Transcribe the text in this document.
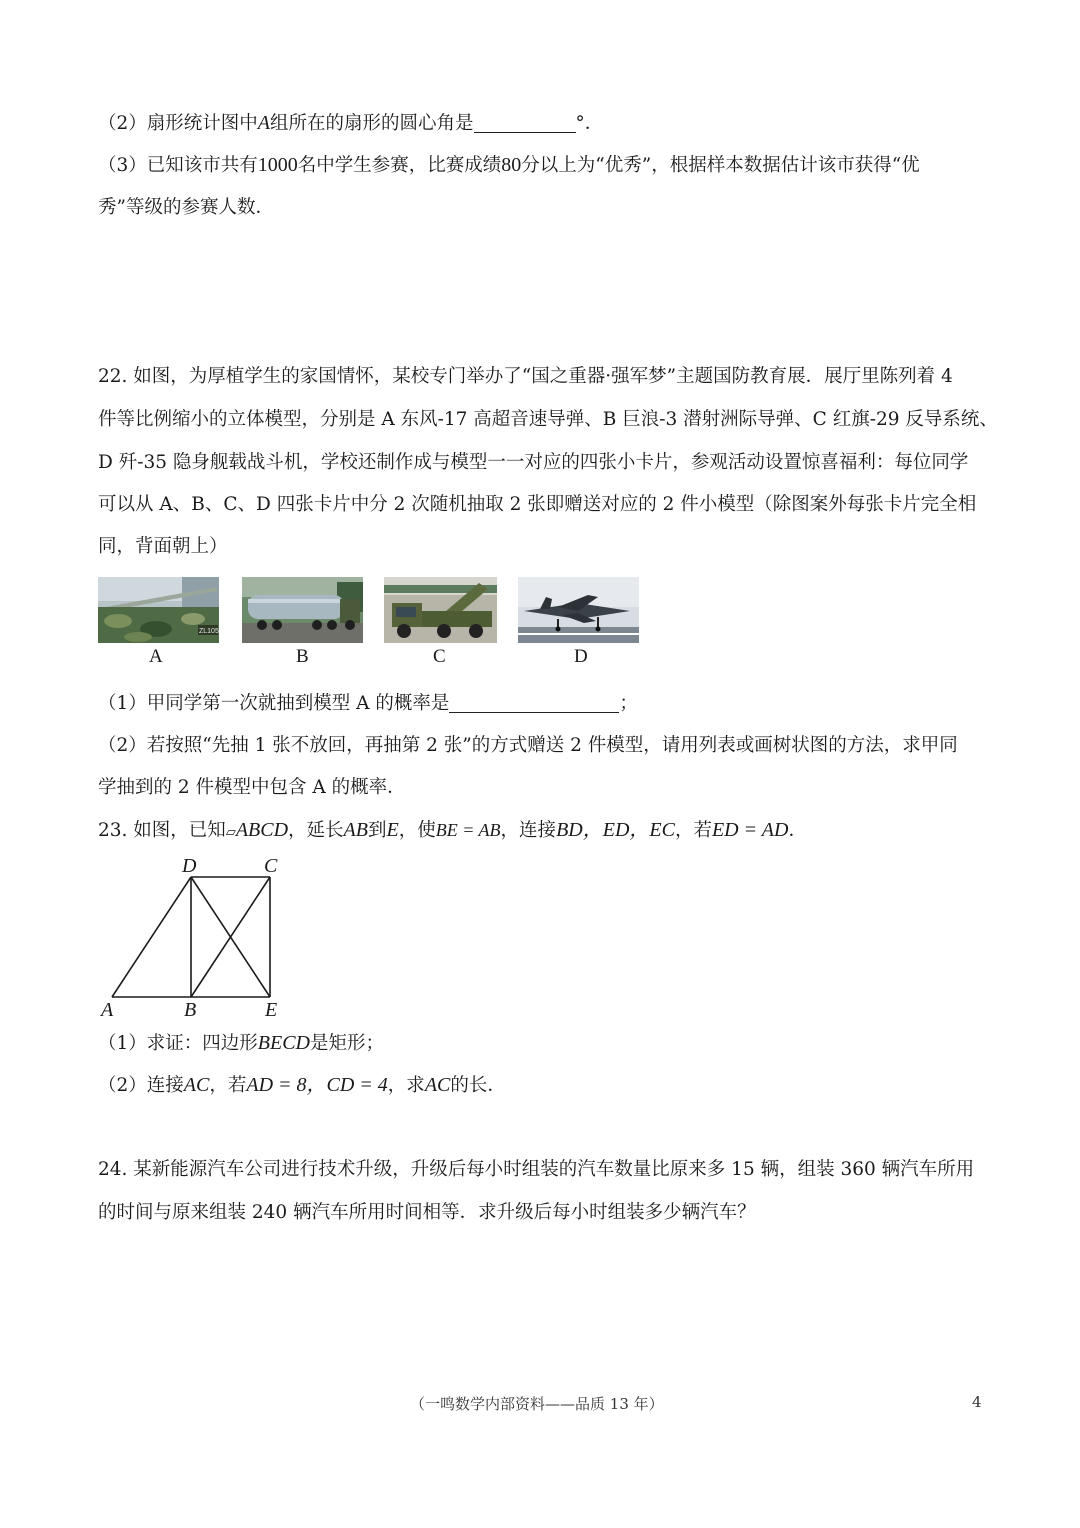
（2）扇形统计图中A组所在的扇形的圆心角是	°．
（3）已知该市共有1000名中学生参赛，比赛成绩80分以上为“优秀”，根据样本数据估计该市获得“优
秀”等级的参赛人数．
22. 如图，为厚植学生的家国情怀，某校专门举办了“国之重器·强军梦”主题国防教育展．展厅里陈列着 4
件等比例缩小的立体模型，分别是 A 东风-17 高超音速导弹、B 巨浪-3 潜射洲际导弹、C 红旗-29 反导系统、
D 歼-35 隐身舰载战斗机，学校还制作成与模型一一对应的四张小卡片，参观活动设置惊喜福利：每位同学
可以从 A、B、C、D 四张卡片中分 2 次随机抽取 2 张即赠送对应的 2 件小模型（除图案外每张卡片完全相
同，背面朝上）
ZL105
A	B	C	D
（1）甲同学第一次就抽到模型 A 的概率是	；
（2）若按照“先抽 1 张不放回，再抽第 2 张”的方式赠送 2 件模型，请用列表或画树状图的方法，求甲同
学抽到的 2 件模型中包含 A 的概率．
23. 如图，已知▱ABCD，延长AB到E，使BE = AB，连接BD，ED，EC，若ED = AD．
D	C
A	B	E
（1）求证：四边形BECD是矩形；
（2）连接AC，若AD = 8，CD = 4，求AC的长．
24. 某新能源汽车公司进行技术升级，升级后每小时组装的汽车数量比原来多 15 辆，组装 360 辆汽车所用
的时间与原来组装 240 辆汽车所用时间相等．求升级后每小时组装多少辆汽车？
（一鸣数学内部资料——品质 13 年）	4
